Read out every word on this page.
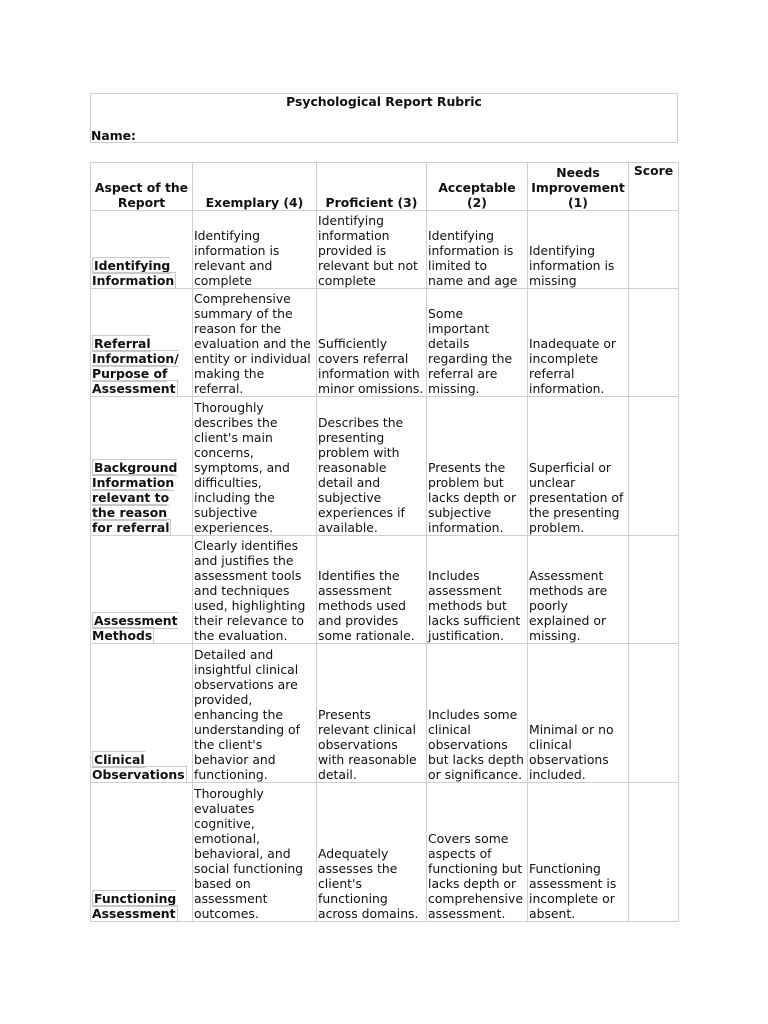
Psychological Report Rubric
Name:
Aspect of the Report	Exemplary (4)	Proficient (3)	Acceptable (2)	Needs Improvement (1)	Score
Identifying Information	Identifying information is relevant and complete	Identifying information provided is relevant but not complete	Identifying information is limited to name and age	Identifying information is missing	
Referral Information/ Purpose of Assessment	Comprehensive summary of the reason for the evaluation and the entity or individual making the referral.	Sufficiently covers referral information with minor omissions.	Some important details regarding the referral are missing.	Inadequate or incomplete referral information.	
Background Information relevant to the reason for referral	Thoroughly describes the client's main concerns, symptoms, and difficulties, including the subjective experiences.	Describes the presenting problem with reasonable detail and subjective experiences if available.	Presents the problem but lacks depth or subjective information.	Superficial or unclear presentation of the presenting problem.	
Assessment Methods	Clearly identifies and justifies the assessment tools and techniques used, highlighting their relevance to the evaluation.	Identifies the assessment methods used and provides some rationale.	Includes assessment methods but lacks sufficient justification.	Assessment methods are poorly explained or missing.	
Clinical Observations	Detailed and insightful clinical observations are provided, enhancing the understanding of the client's behavior and functioning.	Presents relevant clinical observations with reasonable detail.	Includes some clinical observations but lacks depth or significance.	Minimal or no clinical observations included.	
Functioning Assessment	Thoroughly evaluates cognitive, emotional, behavioral, and social functioning based on assessment outcomes.	Adequately assesses the client's functioning across domains.	Covers some aspects of functioning but lacks depth or comprehensive assessment.	Functioning assessment is incomplete or absent.	
